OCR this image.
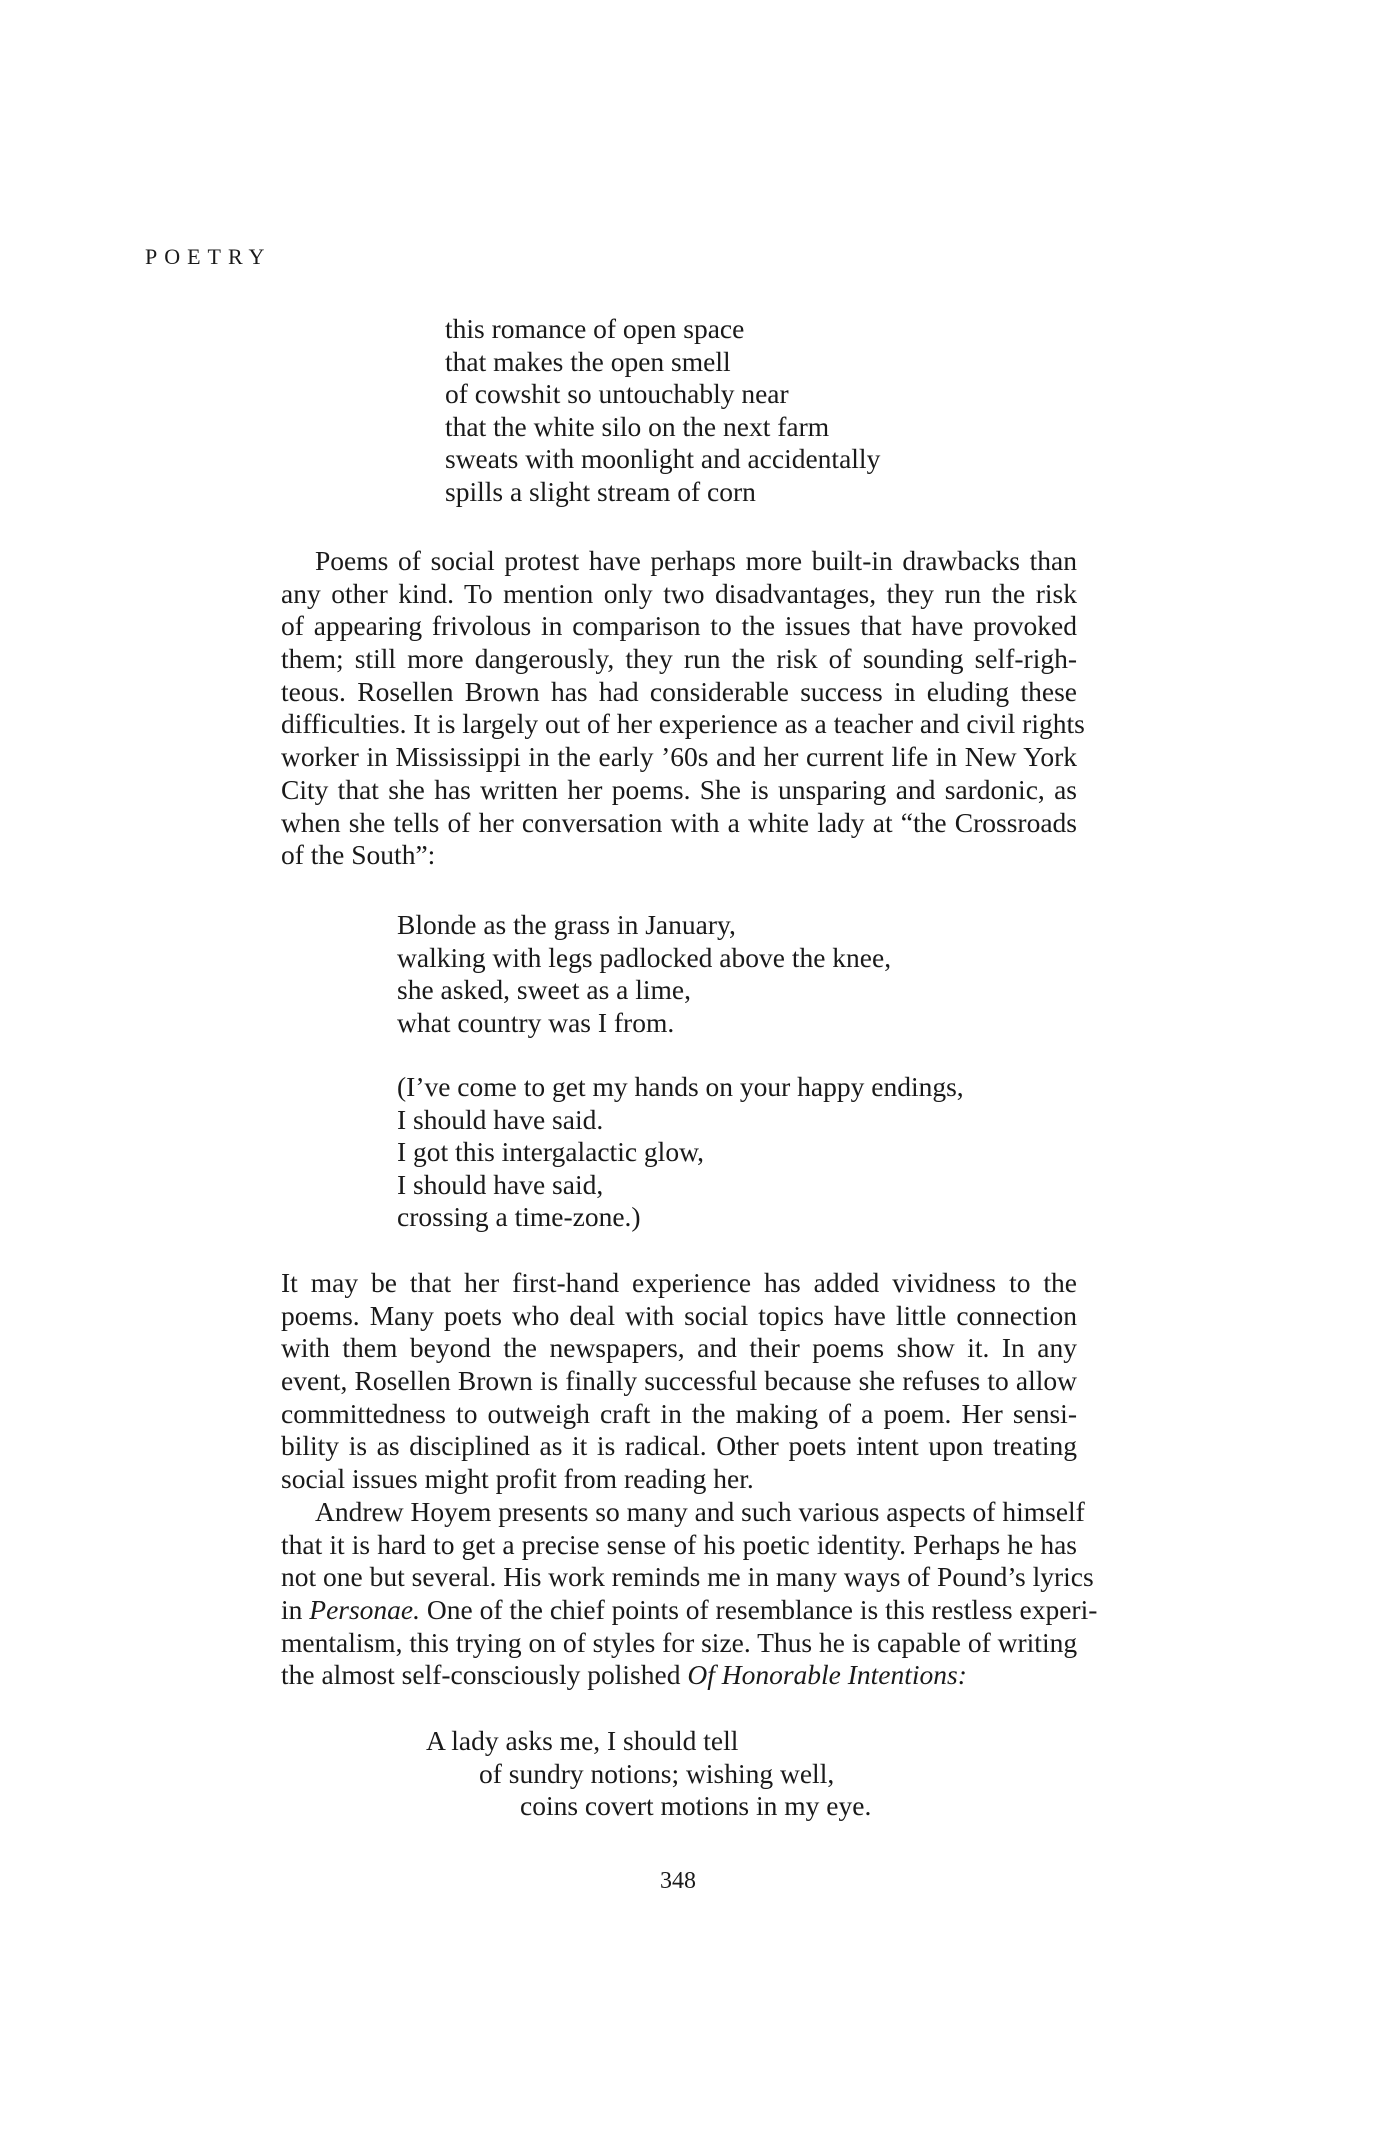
POETRY
this romance of open space
that makes the open smell
of cowshit so untouchably near
that the white silo on the next farm
sweats with moonlight and accidentally
spills a slight stream of corn
Poems of social protest have perhaps more built-in drawbacks than
any other kind. To mention only two disadvantages, they run the risk
of appearing frivolous in comparison to the issues that have provoked
them; still more dangerously, they run the risk of sounding self-righ-
teous. Rosellen Brown has had considerable success in eluding these
difficulties. It is largely out of her experience as a teacher and civil rights
worker in Mississippi in the early ’60s and her current life in New York
City that she has written her poems. She is unsparing and sardonic, as
when she tells of her conversation with a white lady at “the Crossroads
of the South”:
Blonde as the grass in January,
walking with legs padlocked above the knee,
she asked, sweet as a lime,
what country was I from.
(I’ve come to get my hands on your happy endings,
I should have said.
I got this intergalactic glow,
I should have said,
crossing a time-zone.)
It may be that her first-hand experience has added vividness to the
poems. Many poets who deal with social topics have little connection
with them beyond the newspapers, and their poems show it. In any
event, Rosellen Brown is finally successful because she refuses to allow
committedness to outweigh craft in the making of a poem. Her sensi-
bility is as disciplined as it is radical. Other poets intent upon treating
social issues might profit from reading her.
Andrew Hoyem presents so many and such various aspects of himself
that it is hard to get a precise sense of his poetic identity. Perhaps he has
not one but several. His work reminds me in many ways of Pound’s lyrics
in Personae. One of the chief points of resemblance is this restless experi-
mentalism, this trying on of styles for size. Thus he is capable of writing
the almost self-consciously polished Of Honorable Intentions:
A lady asks me, I should tell
of sundry notions; wishing well,
coins covert motions in my eye.
348
